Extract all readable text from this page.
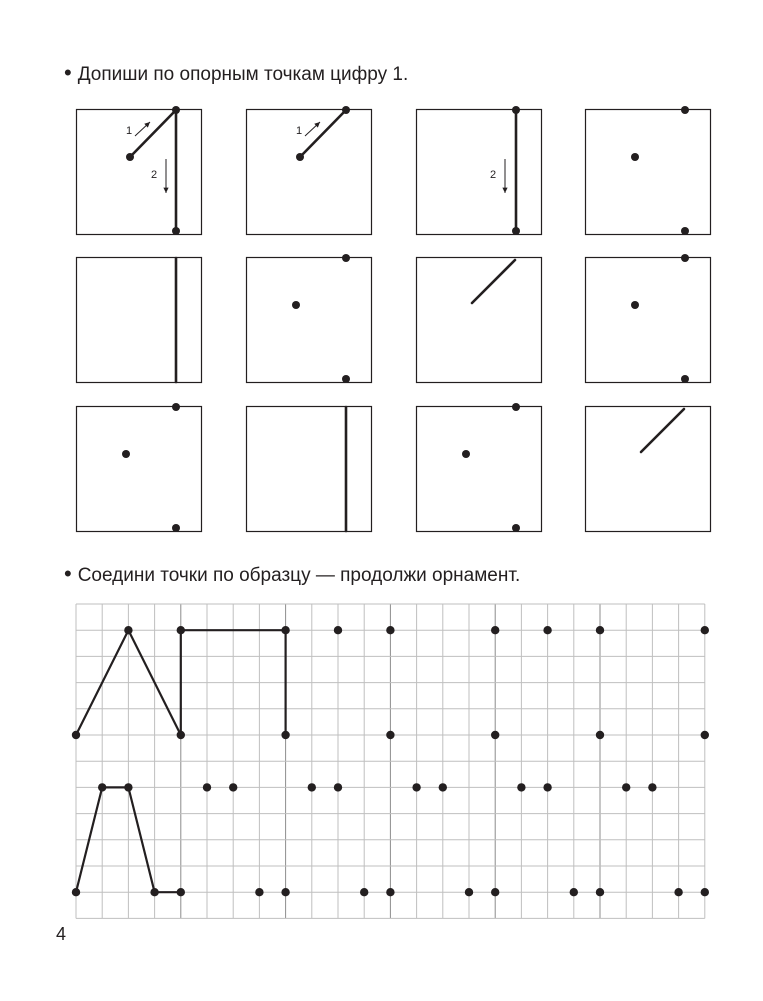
• Допиши по опорным точкам цифру 1.
1
2
1
2
• Соедини точки по образцу — продолжи орнамент.
4
